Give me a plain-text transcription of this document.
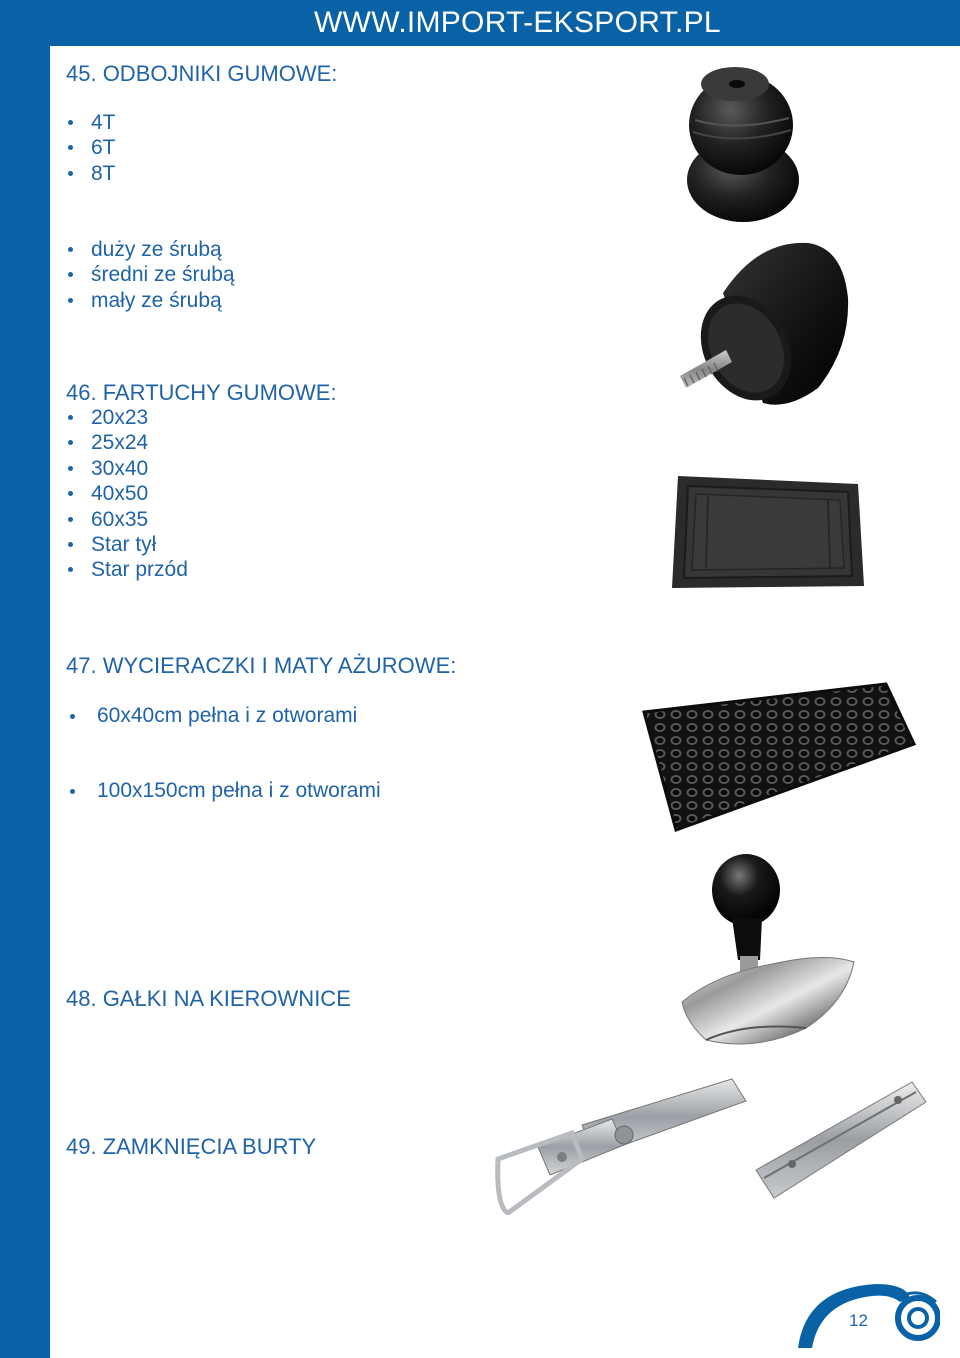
WWW.IMPORT-EKSPORT.PL
45. ODBOJNIKI GUMOWE:
4T
6T
8T
duży ze śrubą
średni ze śrubą
mały ze śrubą
46. FARTUCHY GUMOWE:
20x23
25x24
30x40
40x50
60x35
Star tył
Star przód
47. WYCIERACZKI I MATY AŻUROWE:
60x40cm pełna i z otworami
100x150cm pełna i z otworami
48. GAŁKI NA KIEROWNICE
49. ZAMKNIĘCIA BURTY
12
